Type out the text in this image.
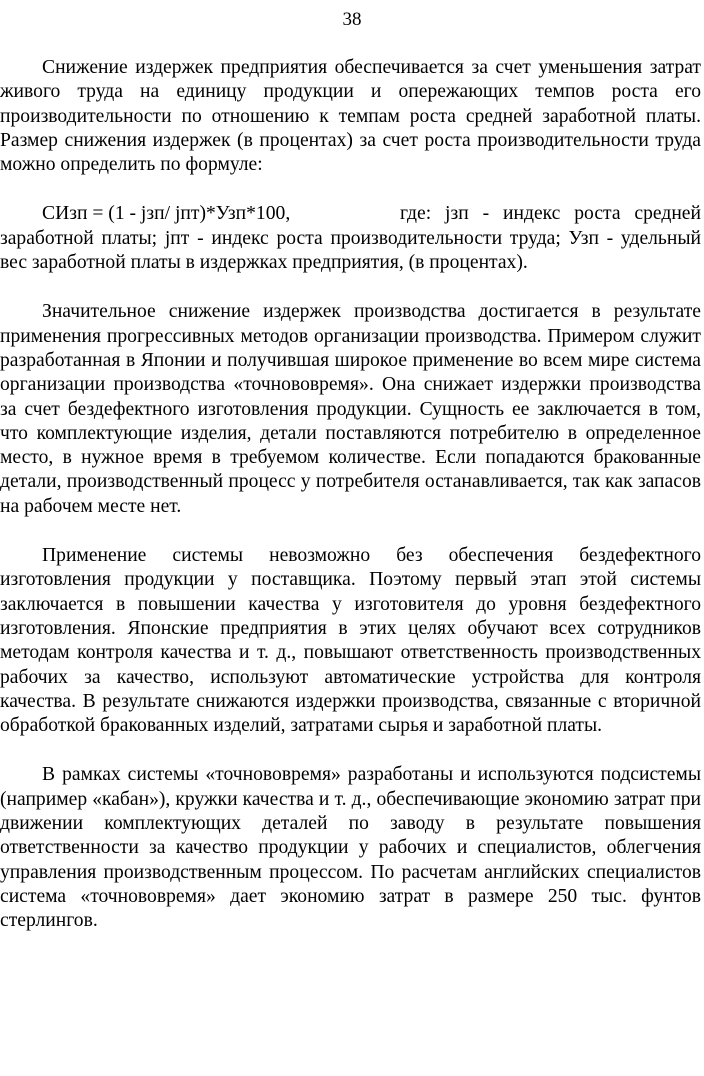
38

Снижение издержек предприятия обеспечивается за счет уменьшения затрат живого труда на единицу продукции и опережающих темпов роста его производительности по отношению к темпам роста средней заработной платы. Размер снижения издержек (в процентах) за счет роста производительности труда можно определить по формуле:

СИзп = (1 - jзп/ jпт)*Узп*100,	где: jзп - индекс роста средней заработной платы; jпт - индекс роста производительности труда; Узп - удельный вес заработной платы в издержках предприятия, (в процентах).

Значительное снижение издержек производства достигается в результате применения прогрессивных методов организации производства. Примером служит разработанная в Японии и получившая широкое применение во всем мире система организации производства «точнововремя». Она снижает издержки производства за счет бездефектного изготовления продукции. Сущность ее заключается в том, что комплектующие изделия, детали поставляются потребителю в определенное место, в нужное время в требуемом количестве. Если попадаются бракованные детали, производственный процесс у потребителя останавливается, так как запасов на рабочем месте нет.

Применение системы невозможно без обеспечения бездефектного изготовления продукции у поставщика. Поэтому первый этап этой системы заключается в повышении качества у изготовителя до уровня бездефектного изготовления. Японские предприятия в этих целях обучают всех сотрудников методам контроля качества и т. д., повышают ответственность производственных рабочих за качество, используют автоматические устройства для контроля качества. В результате снижаются издержки производства, связанные с вторичной обработкой бракованных изделий, затратами сырья и заработной платы.

В рамках системы «точнововремя» разработаны и используются подсистемы (например «кабан»), кружки качества и т. д., обеспечивающие экономию затрат при движении комплектующих деталей по заводу в результате повышения ответственности за качество продукции у рабочих и специалистов, облегчения управления производственным процессом. По расчетам английских специалистов система «точнововремя» дает экономию затрат в размере 250 тыс. фунтов стерлингов.
